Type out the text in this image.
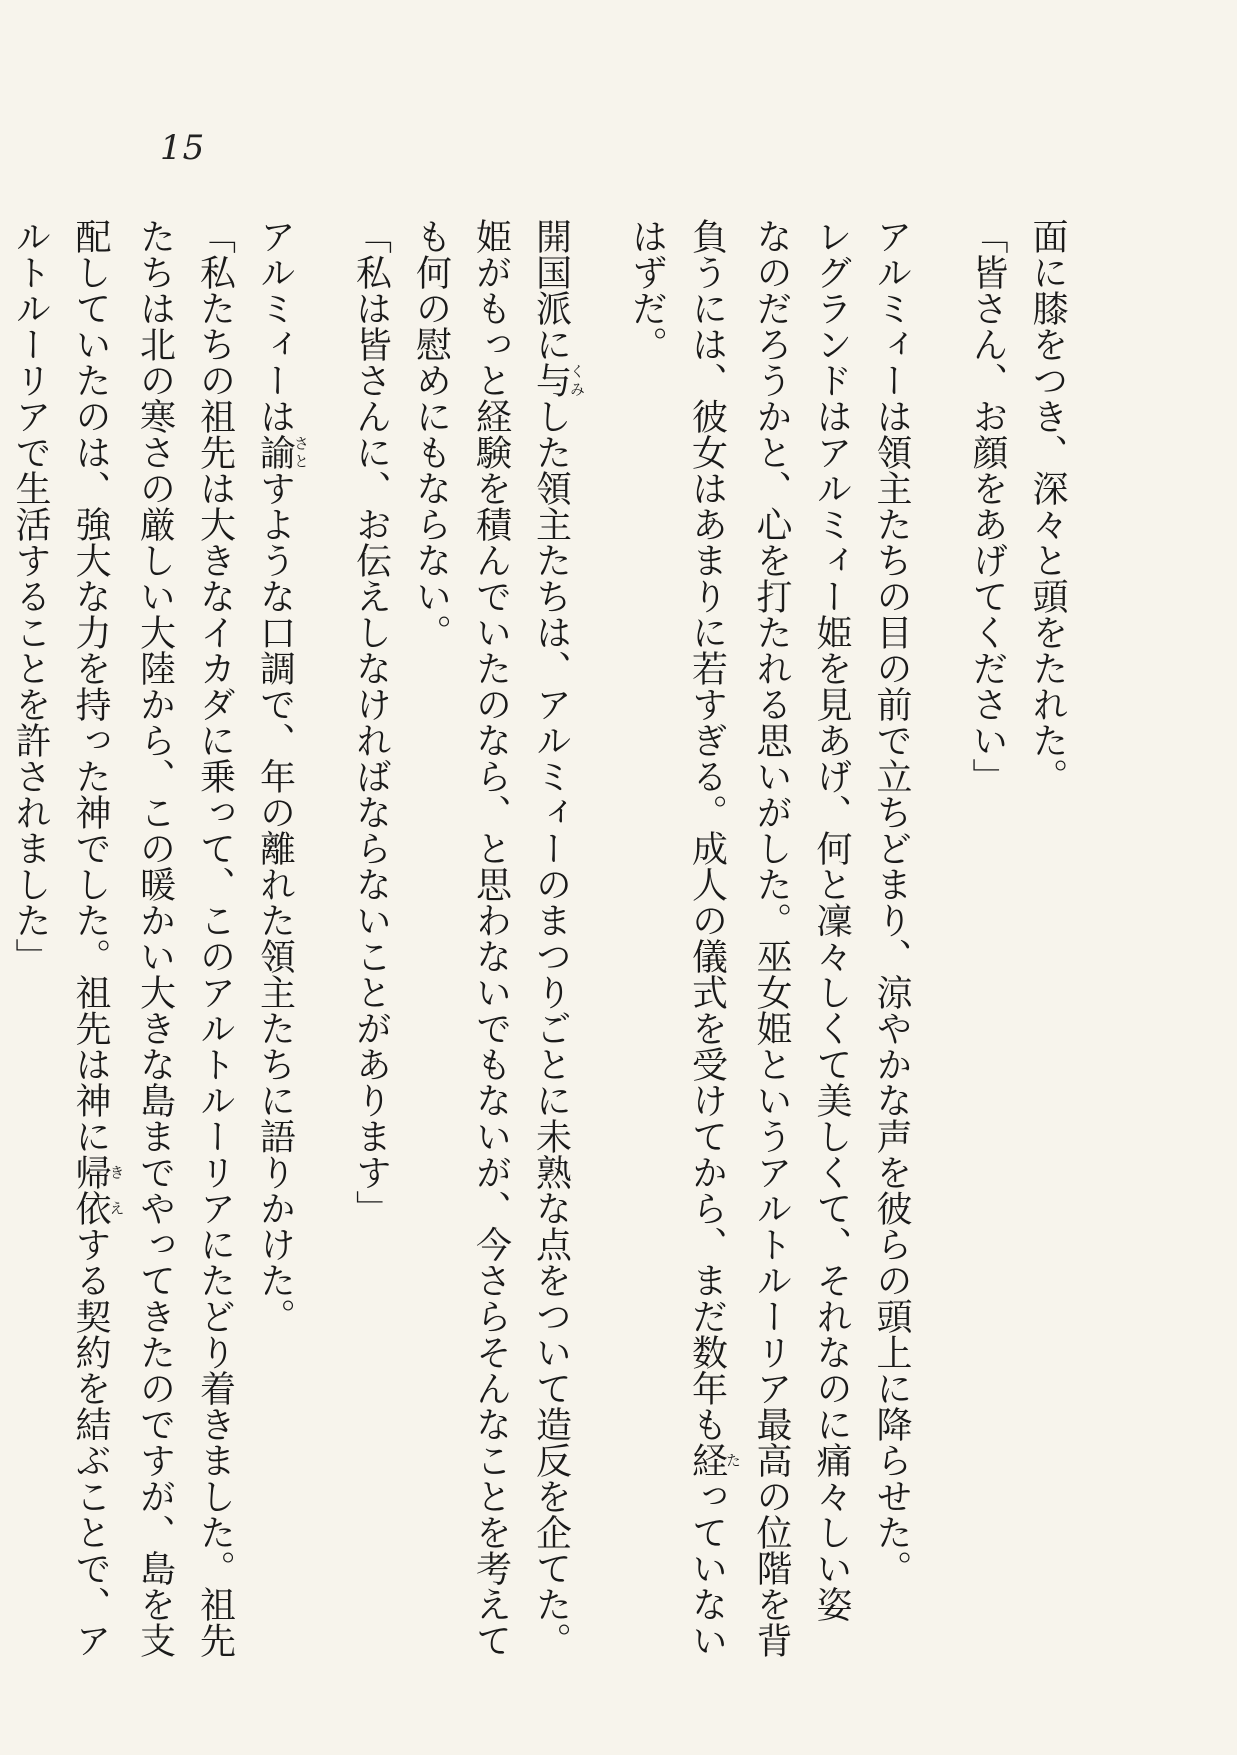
15

面に膝をつき、深々と頭をたれた。

「皆さん、お顔をあげてください」

アルミィーは領主たちの目の前で立ちどまり、涼やかな声を彼らの頭上に降らせた。

レグランドはアルミィー姫を見あげ、何と凜々しくて美しくて、それなのに痛々しい姿

なのだろうかと、心を打たれる思いがした。巫女姫というアルトルーリア最高の位階を背

負うには、彼女はあまりに若すぎる。成人の儀式を受けてから、まだ数年も経たっていない

はずだ。

開国派に与くみした領主たちは、アルミィーのまつりごとに未熟な点をついて造反を企てた。

姫がもっと経験を積んでいたのなら、と思わないでもないが、今さらそんなことを考えて

も何の慰めにもならない。

「私は皆さんに、お伝えしなければならないことがあります」

アルミィーは諭さとすような口調で、年の離れた領主たちに語りかけた。

「私たちの祖先は大きなイカダに乗って、このアルトルーリアにたどり着きました。祖先

たちは北の寒さの厳しい大陸から、この暖かい大きな島までやってきたのですが、島を支

配していたのは、強大な力を持った神でした。祖先は神に帰依きえする契約を結ぶことで、ア

ルトルーリアで生活することを許されました」
